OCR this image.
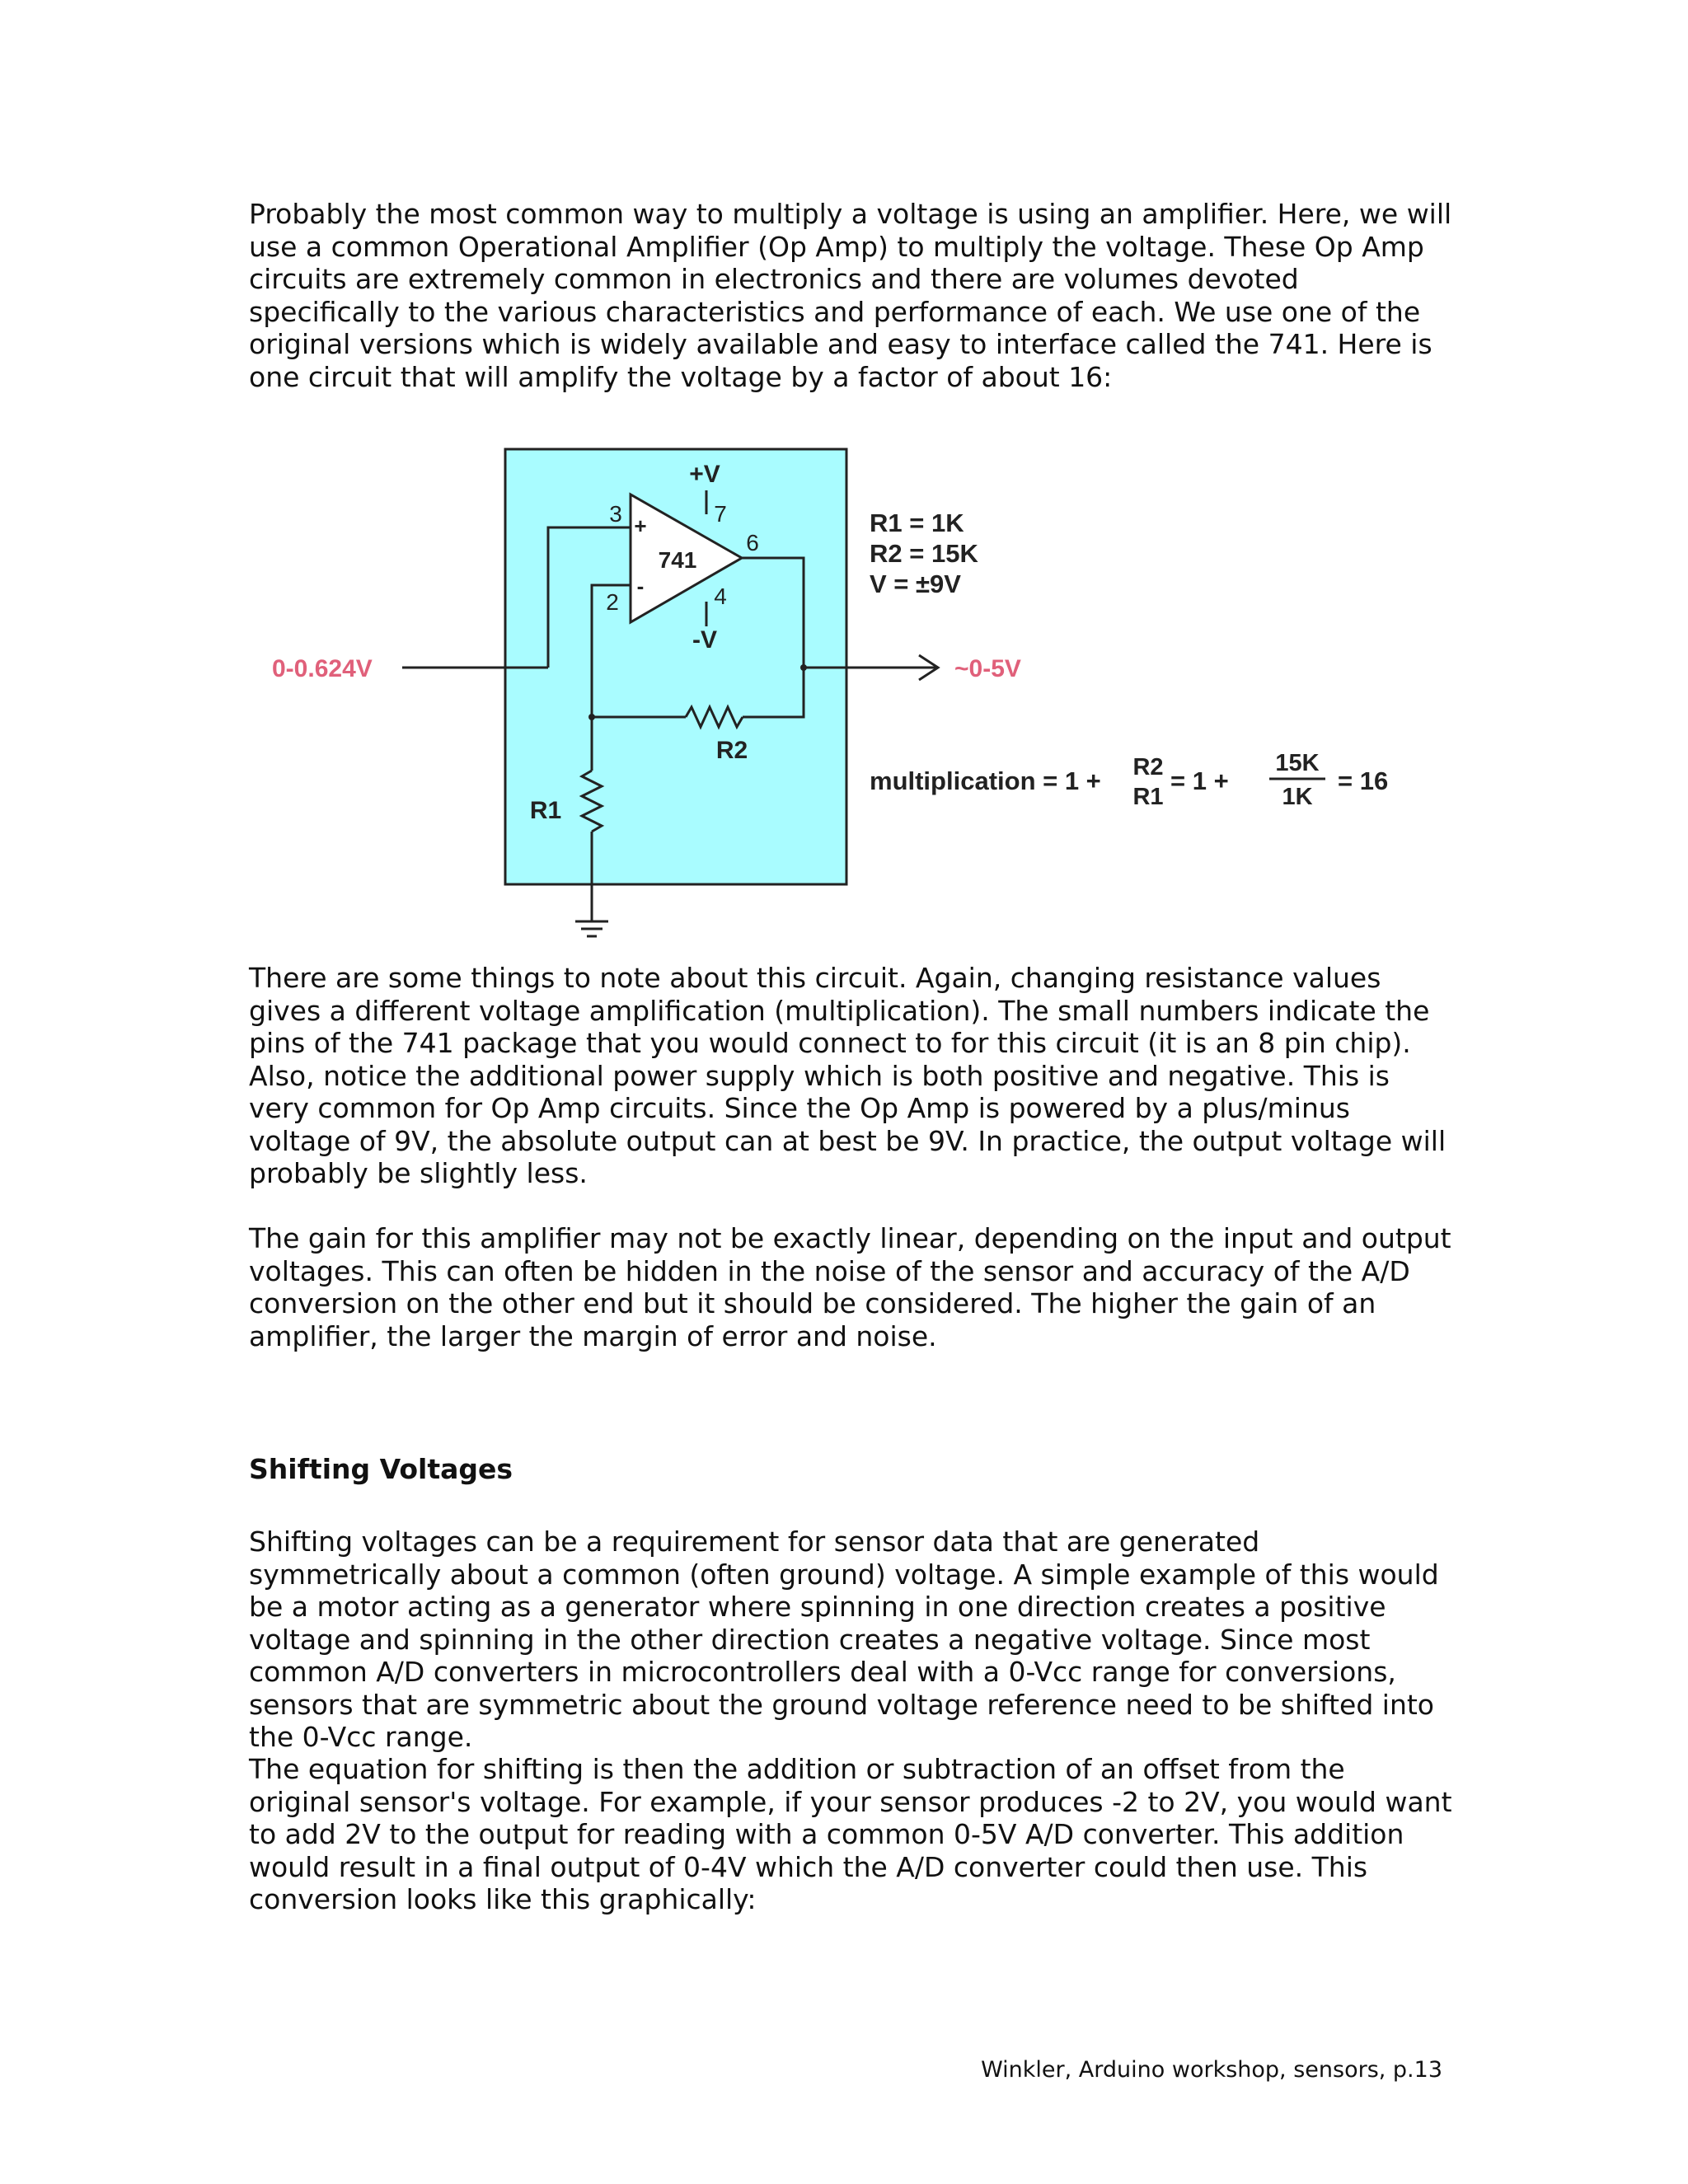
Probably the most common way to multiply a voltage is using an amplifier. Here, we will use a common Operational Amplifier (Op Amp) to multiply the voltage. These Op Amp circuits are extremely common in electronics and there are volumes devoted specifically to the various characteristics and performance of each. We use one of the original versions which is widely available and easy to interface called the 741. Here is one circuit that will amplify the voltage by a factor of about 16:

741
+
-
+V
-V
3
2
7
6
4
R2
R1
0-0.624V	~0-5V
R1 = 1K
R2 = 15K
V = ±9V
multiplication = 1 + R2
R1
= 1 +
15K
1K
= 16

There are some things to note about this circuit. Again, changing resistance values gives a different voltage amplification (multiplication). The small numbers indicate the pins of the 741 package that you would connect to for this circuit (it is an 8 pin chip). Also, notice the additional power supply which is both positive and negative. This is very common for Op Amp circuits. Since the Op Amp is powered by a plus/minus voltage of 9V, the absolute output can at best be 9V. In practice, the output voltage will probably be slightly less.

The gain for this amplifier may not be exactly linear, depending on the input and output voltages. This can often be hidden in the noise of the sensor and accuracy of the A/D conversion on the other end but it should be considered. The higher the gain of an amplifier, the larger the margin of error and noise.

Shifting Voltages

Shifting voltages can be a requirement for sensor data that are generated symmetrically about a common (often ground) voltage. A simple example of this would be a motor acting as a generator where spinning in one direction creates a positive voltage and spinning in the other direction creates a negative voltage. Since most common A/D converters in microcontrollers deal with a 0-Vcc range for conversions, sensors that are symmetric about the ground voltage reference need to be shifted into the 0-Vcc range.

The equation for shifting is then the addition or subtraction of an offset from the original sensor's voltage. For example, if your sensor produces -2 to 2V, you would want to add 2V to the output for reading with a common 0-5V A/D converter. This addition would result in a final output of 0-4V which the A/D converter could then use. This conversion looks like this graphically:

Winkler, Arduino workshop, sensors, p.13
